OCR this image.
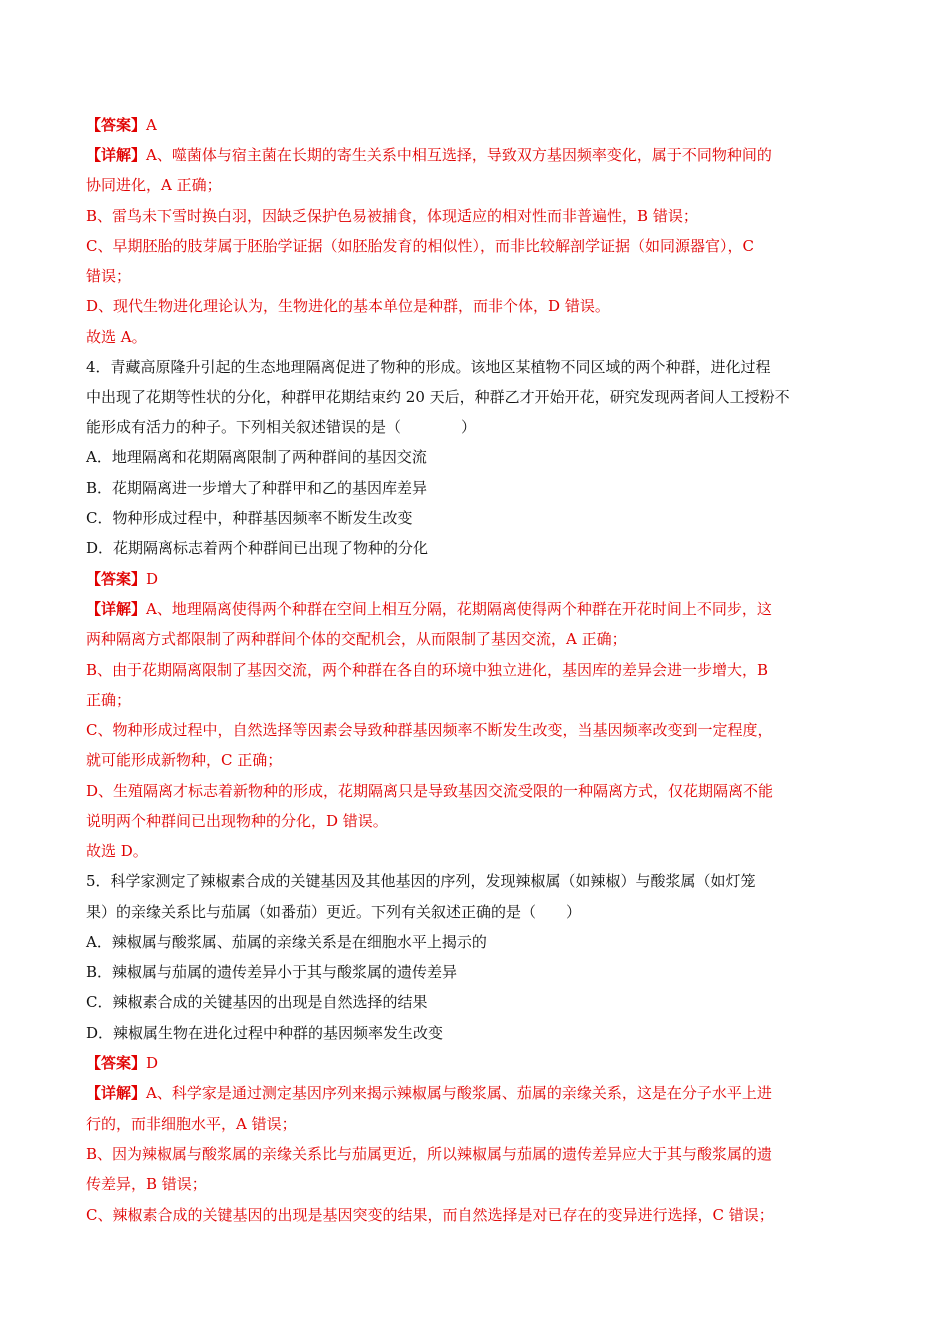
【答案】A
【详解】A、噬菌体与宿主菌在长期的寄生关系中相互选择，导致双方基因频率变化，属于不同物种间的
协同进化，A 正确；
B、雷鸟未下雪时换白羽，因缺乏保护色易被捕食，体现适应的相对性而非普遍性，B 错误；
C、早期胚胎的肢芽属于胚胎学证据（如胚胎发育的相似性），而非比较解剖学证据（如同源器官），C
错误；
D、现代生物进化理论认为，生物进化的基本单位是种群，而非个体，D 错误。
故选 A。
4．青藏高原隆升引起的生态地理隔离促进了物种的形成。该地区某植物不同区域的两个种群，进化过程
中出现了花期等性状的分化，种群甲花期结束约 20 天后，种群乙才开始开花，研究发现两者间人工授粉不
能形成有活力的种子。下列相关叙述错误的是（　　　　）
A．地理隔离和花期隔离限制了两种群间的基因交流
B．花期隔离进一步增大了种群甲和乙的基因库差异
C．物种形成过程中，种群基因频率不断发生改变
D．花期隔离标志着两个种群间已出现了物种的分化
【答案】D
【详解】A、地理隔离使得两个种群在空间上相互分隔，花期隔离使得两个种群在开花时间上不同步，这
两种隔离方式都限制了两种群间个体的交配机会，从而限制了基因交流，A 正确；
B、由于花期隔离限制了基因交流，两个种群在各自的环境中独立进化，基因库的差异会进一步增大，B
正确；
C、物种形成过程中，自然选择等因素会导致种群基因频率不断发生改变，当基因频率改变到一定程度，
就可能形成新物种，C 正确；
D、生殖隔离才标志着新物种的形成，花期隔离只是导致基因交流受限的一种隔离方式，仅花期隔离不能
说明两个种群间已出现物种的分化，D 错误。
故选 D。
5．科学家测定了辣椒素合成的关键基因及其他基因的序列，发现辣椒属（如辣椒）与酸浆属（如灯笼
果）的亲缘关系比与茄属（如番茄）更近。下列有关叙述正确的是（　　）
A．辣椒属与酸浆属、茄属的亲缘关系是在细胞水平上揭示的
B．辣椒属与茄属的遗传差异小于其与酸浆属的遗传差异
C．辣椒素合成的关键基因的出现是自然选择的结果
D．辣椒属生物在进化过程中种群的基因频率发生改变
【答案】D
【详解】A、科学家是通过测定基因序列来揭示辣椒属与酸浆属、茄属的亲缘关系，这是在分子水平上进
行的，而非细胞水平，A 错误；
B、因为辣椒属与酸浆属的亲缘关系比与茄属更近，所以辣椒属与茄属的遗传差异应大于其与酸浆属的遗
传差异，B 错误；
C、辣椒素合成的关键基因的出现是基因突变的结果，而自然选择是对已存在的变异进行选择，C 错误；
